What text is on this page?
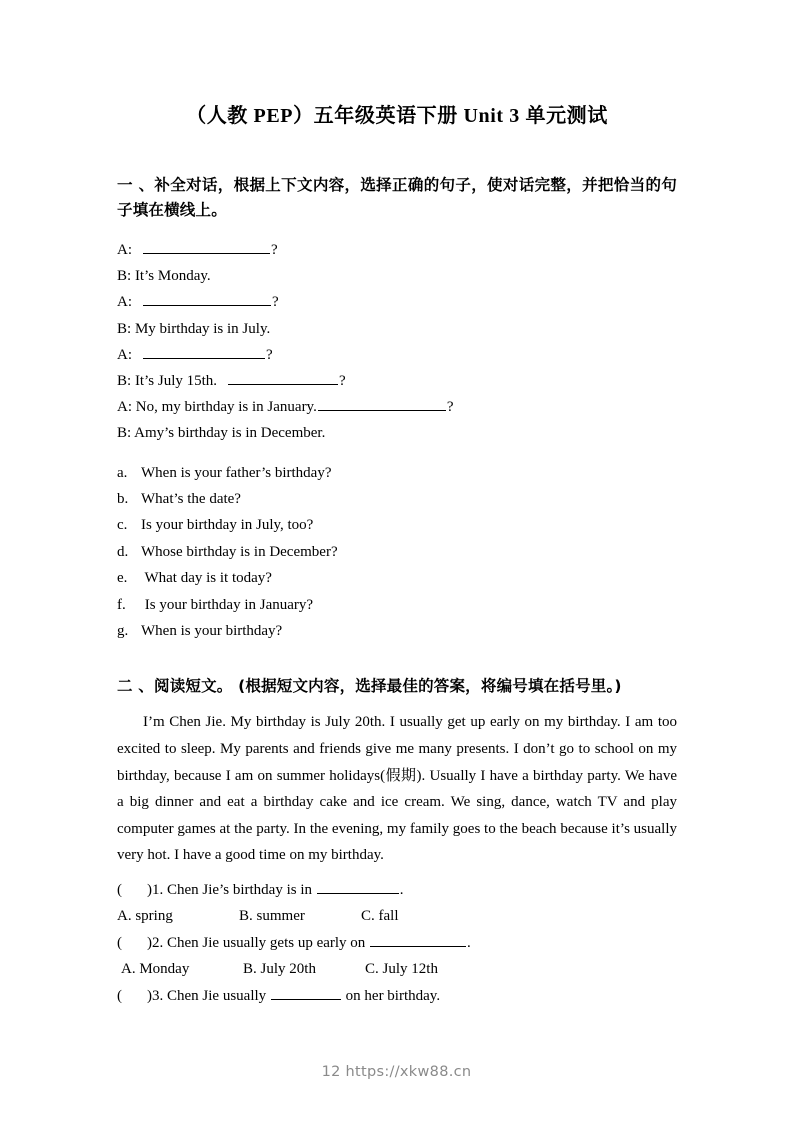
（人教 PEP）五年级英语下册 Unit 3 单元测试
一 、补全对话，根据上下文内容，选择正确的句子，使对话完整，并把恰当的句子填在横线上。
A:	?
B: It’s Monday.
A:	?
B: My birthday is in July.
A:	?
B: It’s July 15th.	?
A: No, my birthday is in January.	?
B: Amy’s birthday is in December.
a. When is your father’s birthday?
b. What’s the date?
c. Is your birthday in July, too?
d. Whose birthday is in December?
e. What day is it today?
f. Is your birthday in January?
g. When is your birthday?
二 、阅读短文。 (根据短文内容，选择最佳的答案，将编号填在括号里。)
I’m Chen Jie. My birthday is July 20th. I usually get up early on my birthday. I am too excited to sleep. My parents and friends give me many presents. I don’t go to school on my birthday, because I am on summer holidays(假期). Usually I have a birthday party. We have a big dinner and eat a birthday cake and ice cream. We sing, dance, watch TV and play computer games at the party. In the evening, my family goes to the beach because it’s usually very hot. I have a good time on my birthday.
( )1. Chen Jie’s birthday is in	.
A. spring	B. summer	C. fall
( )2. Chen Jie usually gets up early on	.
A. Monday	B. July 20th	C. July 12th
( )3. Chen Jie usually	on her birthday.
12 https://xkw88.cn
